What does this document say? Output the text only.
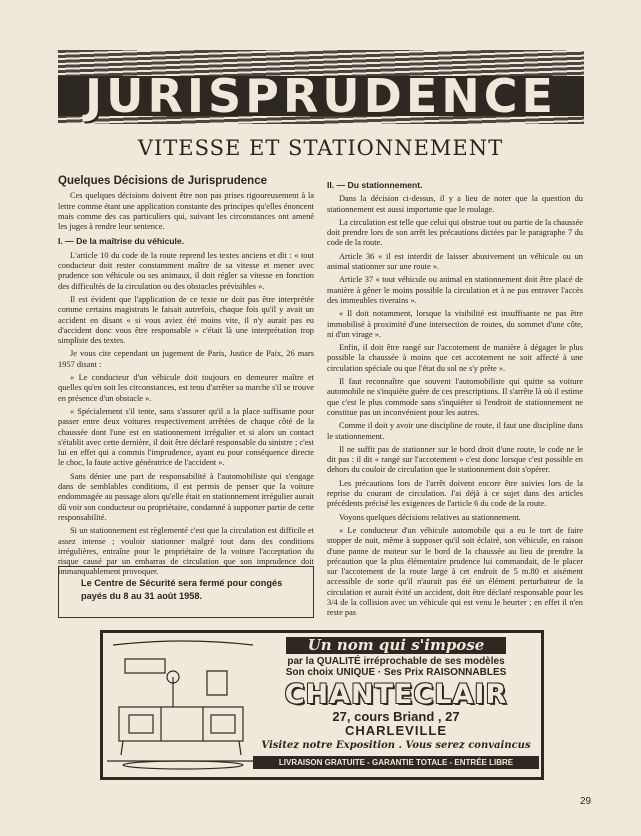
JURISPRUDENCE
VITESSE ET STATIONNEMENT
Quelques Décisions de Jurisprudence

Ces quelques décisions doivent être non pas prises rigoureusement à la lettre comme étant une application constante des principes qu'elles énoncent mais comme des cas particuliers qui, suivant les circonstances ont amené les juges à rendre leur sentence.

I. — De la maîtrise du véhicule.

L'article 10 du code de la route reprend les textes anciens et dit : « tout conducteur doit rester constamment maître de sa vitesse et mener avec prudence son véhicule ou ses animaux, il doit régler sa vitesse en fonction des difficultés de la circulation ou des obstacles prévisibles ».

Il est évident que l'application de ce texte ne doit pas être interprétée comme certains magistrats le faisait autrefois, chaque fois qu'il y avait un accident en disant « si vous aviez été moins vite, il n'y aurait pas eu d'accident donc vous être responsable » c'était là une interprétation trop simpliste des textes.

Je vous cite cependant un jugement de Paris, Justice de Paix, 26 mars 1957 disant :

« Le conducteur d'un véhicule doit toujours en demeurer maître et quelles qu'en soit les circonstances, est tenu d'arrêter sa marche s'il se trouve en présence d'un obstacle ».

« Spécialement s'il tente, sans s'assurer qu'il a la place suffisante pour passer entre deux voitures respectivement arrêtées de chaque côté de la chaussée dont l'une est en stationnement irrégulier et si alors un contact s'établit avec cette dernière, il doit être déclaré responsable du sinistre ; c'est lui en effet qui a commis l'imprudence, ayant eu pour conséquence directe le choc, la faute active génératrice de l'accident ».

Sans dénier une part de responsabilité à l'automobiliste qui s'engage dans de semblables conditions, il est permis de penser que la voiture endommagée au passage alors qu'elle était en stationnement irrégulier aurait dû voir son conducteur ou propriétaire, condamné à supporter partie de cette responsabilité.

Si un stationnement est règlementé c'est que la circulation est difficile et assez intense ; vouloir stationner malgré tout dans des conditions irrégulières, entraîne pour le propriétaire de la voiture l'acceptation du risque causé par un embarras de circulation que son imprudence doit immanquablement provoquer.

Le Centre de Sécurité sera fermé pour congés payés du 8 au 31 août 1958.
II. — Du stationnement.

Dans la décision ci-dessus, il y a lieu de noter que la question du stationnement est aussi importante que le roulage.

La circulation est telle que celui qui obstrue tout ou partie de la chaussée doit prendre lors de son arrêt les précautions dictées par le paragraphe 7 du code de la route.

Article 36 « il est interdit de laisser abusivement un véhicule ou un animal stationner sur une route ».

Article 37 « tout véhicule ou animal en stationnement doit être placé de manière à gêner le moins possible la circulation et à ne pas entraver l'accès des immeubles riverains ».

« Il doit notamment, lorsque la visibilité est insuffisante ne pas être immobilisé à proximité d'une intersection de routes, du sommet d'une côte, ni d'un virage ».

Enfin, il doit être rangé sur l'accotement de manière à dégager le plus possible la chaussée à moins que cet accotement ne soit affecté à une circulation spéciale ou que l'état du sol ne s'y prête ».

Il faut reconnaître que souvent l'automobiliste qui quitte sa voiture automobile ne s'inquiète guère de ces prescriptions. Il s'arrête là où il estime que c'est le plus commode sans s'inquiéter si l'endroit de stationnement ne constitue pas un inconvénient pour les autres.

Comme il doit y avoir une discipline de route, il faut une discipline dans le stationnement.

Il ne suffit pas de stationner sur le bord droit d'une route, le code ne le dit pas : il dit « rangé sur l'accotement » c'est donc lorsque c'est possible en dehors du couloir de circulation que le stationnement doit s'opérer.

Les précautions lors de l'arrêt doivent encore être suivies lors de la reprise du courant de circulation. J'ai déjà à ce sujet dans des articles précédents précisé les exigences de l'article 6 du code de la route.

Voyons quelques décisions relatives au stationnement.

« Le conducteur d'un véhicule automobile qui a eu le tort de faire stopper de nuit, même à supposer qu'il soit éclairé, son véhicule, en raison d'une panne de moteur sur le bord de la chaussée au lieu de prendre la précaution que la plus élémentaire prudence lui commandait, de le placer sur l'accotement de la route large à cet endroit de 5 m.80 et aisément accessible de sorte qu'il n'aurait pas été un élément perturbateur de la circulation et aurait évité un accident, doit être déclaré responsable pour les 3/4 de la collision avec un véhicule qui est venu le heurter ; en effet il n'en reste pas

Un nom qui s'impose
par la QUALITÉ irréprochable de ses modèles
Son choix UNIQUE · Ses Prix RAISONNABLES
CHANTECLAIR
27, cours Briand , 27
CHARLEVILLE
Visitez notre Exposition . Vous serez convaincus
LIVRAISON GRATUITE - GARANTIE TOTALE - ENTRÉE LIBRE
29
